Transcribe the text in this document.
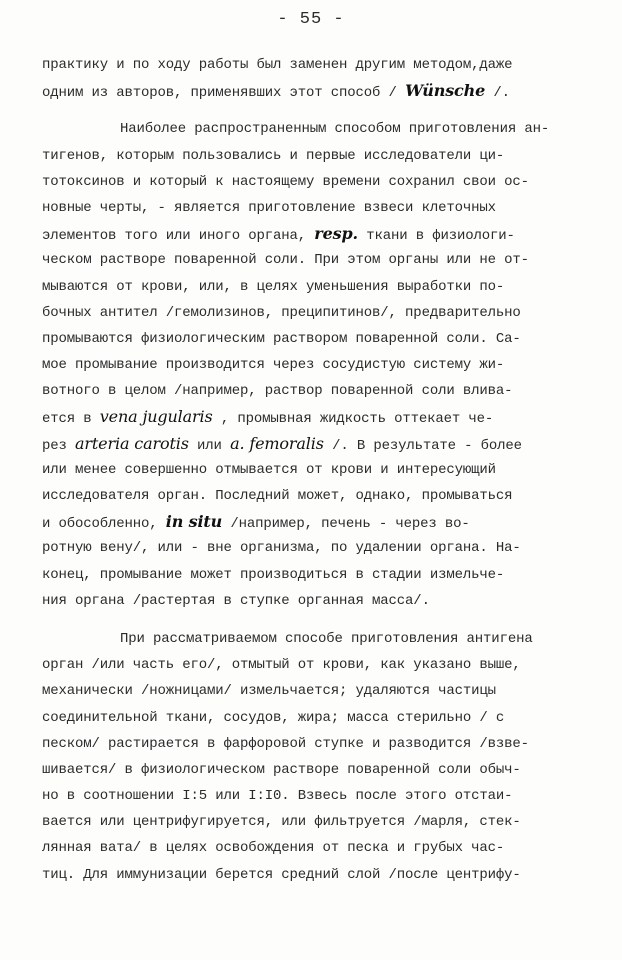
- 55 -
практику и по ходу работы был заменен другим методом,даже
одним из авторов, применявших этот способ / Wünsche /.
Наиболее распространенным способом приготовления ан-
тигенов, которым пользовались и первые исследователи ци-
тотоксинов и который к настоящему времени сохранил свои ос-
новные черты, - является приготовление взвеси клеточных
элементов того или иного органа, resp. ткани в физиологи-
ческом растворе поваренной соли. При этом органы или не от-
мываются от крови, или, в целях уменьшения выработки по-
бочных антител /гемолизинов, преципитинов/, предварительно
промываются физиологическим раствором поваренной соли. Са-
мое промывание производится через сосудистую систему жи-
вотного в целом /например, раствор поваренной соли влива-
ется в vena jugularis , промывная жидкость оттекает че-
рез arteria carotis или a. femoralis /. В результате - более
или менее совершенно отмывается от крови и интересующий
исследователя орган. Последний может, однако, промываться
и обособленно, in situ /например, печень - через во-
ротную вену/, или - вне организма, по удалении органа. На-
конец, промывание может производиться в стадии измельче-
ния органа /растертая в ступке органная масса/.
При рассматриваемом способе приготовления антигена
орган /или часть его/, отмытый от крови, как указано выше,
механически /ножницами/ измельчается; удаляются частицы
соединительной ткани, сосудов, жира; масса стерильно / с
песком/ растирается в фарфоровой ступке и разводится /взве-
шивается/ в физиологическом растворе поваренной соли обыч-
но в соотношении I:5 или I:I0. Взвесь после этого отстаи-
вается или центрифугируется, или фильтруется /марля, стек-
лянная вата/ в целях освобождения от песка и грубых час-
тиц. Для иммунизации берется средний слой /после центрифу-
